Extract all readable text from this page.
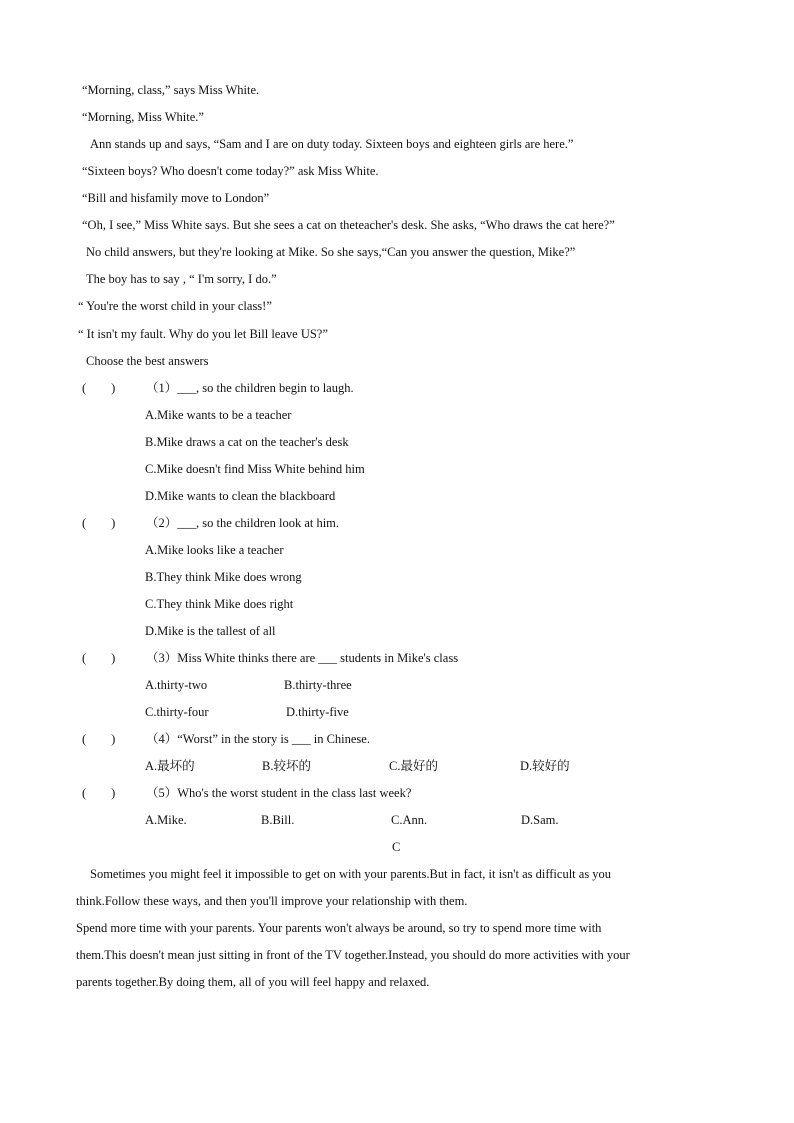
“Morning, class,” says Miss White.
“Morning, Miss White.”
Ann stands up and says, “Sam and I are on duty today. Sixteen boys and eighteen girls are here.”
“Sixteen boys? Who doesn't come today?” ask Miss White.
“Bill and hisfamily move to London”
“Oh, I see,” Miss White says. But she sees a cat on theteacher's desk. She asks, “Who draws the cat here?”
No child answers, but they're looking at Mike. So she says,“Can you answer the question, Mike?”
The boy has to say , “ I'm sorry, I do.”
“ You're the worst child in your class!”
“ It isn't my fault. Why do you let Bill leave US?”
Choose the best answers
(        ) （1）___, so the children begin to laugh.
A.Mike wants to be a teacher
B.Mike draws a cat on the teacher's desk
C.Mike doesn't find Miss White behind him
D.Mike wants to clean the blackboard
(        ) （2）___, so the children look at him.
A.Mike looks like a teacher
B.They think Mike does wrong
C.They think Mike does right
D.Mike is the tallest of all
(        ) （3）Miss White thinks there are ___ students in Mike's class
A.thirty-two	B.thirty-three
C.thirty-four	D.thirty-five
(        ) （4）“Worst” in the story is ___ in Chinese.
A.最坏的	B.较坏的	C.最好的	D.较好的
(        ) （5）Who's the worst student in the class last week?
A.Mike.	B.Bill.	C.Ann.	D.Sam.
C
Sometimes you might feel it impossible to get on with your parents.But in fact, it isn't as difficult as you
think.Follow these ways, and then you'll improve your relationship with them.
Spend more time with your parents. Your parents won't always be around, so try to spend more time with
them.This doesn't mean just sitting in front of the TV together.Instead, you should do more activities with your
parents together.By doing them, all of you will feel happy and relaxed.
